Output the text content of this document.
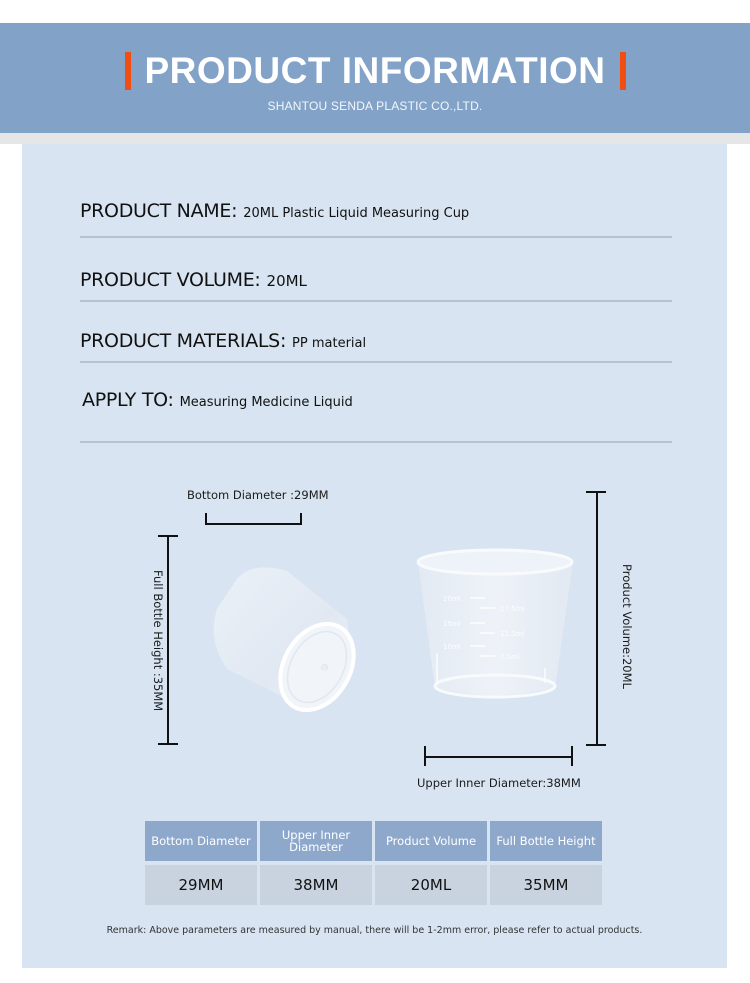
PRODUCT INFORMATION
SHANTOU SENDA PLASTIC CO.,LTD.
PRODUCT NAME: 20ML Plastic Liquid Measuring Cup
PRODUCT VOLUME: 20ML
PRODUCT MATERIALS: PP material
APPLY TO: Measuring Medicine Liquid
Bottom Diameter :29MM
Full Bottle Height :35MM	♲
20ml
17.5ml
15ml
12.5ml
10ml
7.5ml	Product Volume:20ML
Upper Inner Diameter:38MM
Bottom Diameter	Upper Inner Diameter	Product Volume	Full Bottle Height
29MM	38MM	20ML	35MM
Remark: Above parameters are measured by manual, there will be 1-2mm error, please refer to actual products.
